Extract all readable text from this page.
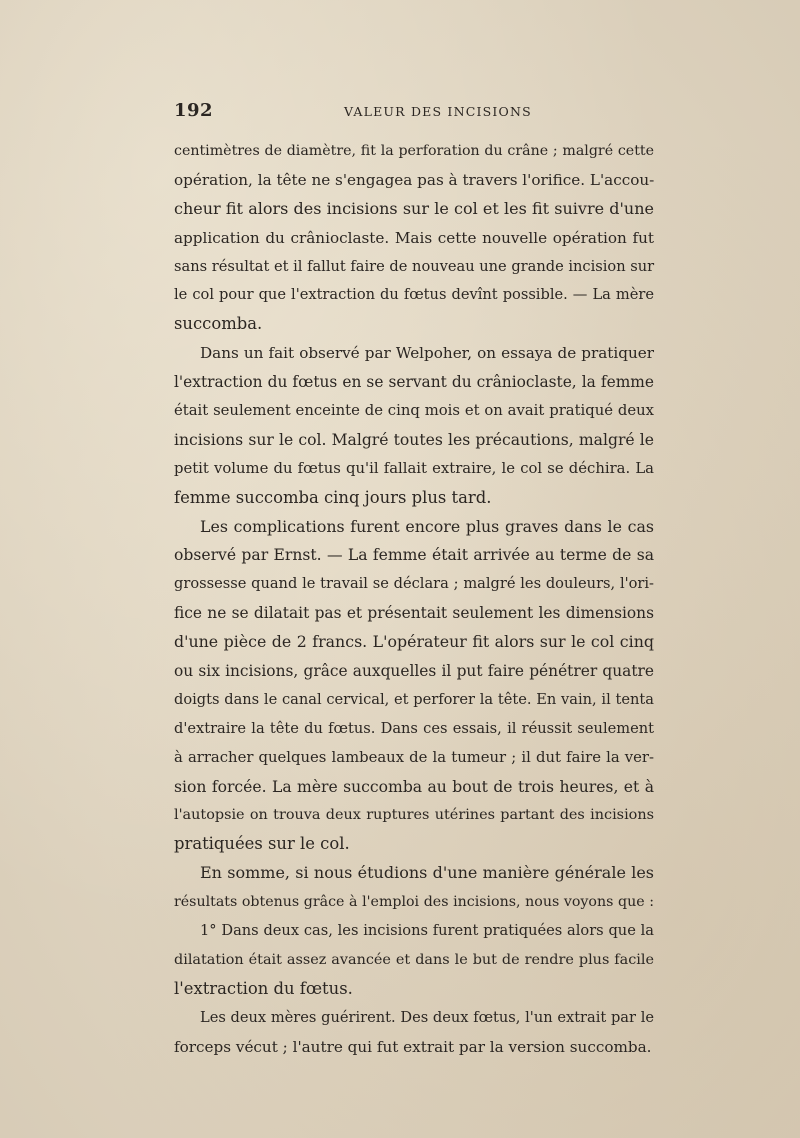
192	VALEUR DES INCISIONS
centimètres de diamètre, fit la perforation du crâne ; malgré cette
opération, la tête ne s'engagea pas à travers l'orifice. L'accou-
cheur fit alors des incisions sur le col et les fit suivre d'une
application du crânioclaste. Mais cette nouvelle opération fut
sans résultat et il fallut faire de nouveau une grande incision sur
le col pour que l'extraction du fœtus devînt possible. — La mère
succomba.
Dans un fait observé par Welpoher, on essaya de pratiquer
l'extraction du fœtus en se servant du crânioclaste, la femme
était seulement enceinte de cinq mois et on avait pratiqué deux
incisions sur le col. Malgré toutes les précautions, malgré le
petit volume du fœtus qu'il fallait extraire, le col se déchira. La
femme succomba cinq jours plus tard.
Les complications furent encore plus graves dans le cas
observé par Ernst. — La femme était arrivée au terme de sa
grossesse quand le travail se déclara ; malgré les douleurs, l'ori-
fice ne se dilatait pas et présentait seulement les dimensions
d'une pièce de 2 francs. L'opérateur fit alors sur le col cinq
ou six incisions, grâce auxquelles il put faire pénétrer quatre
doigts dans le canal cervical, et perforer la tête. En vain, il tenta
d'extraire la tête du fœtus. Dans ces essais, il réussit seulement
à arracher quelques lambeaux de la tumeur ; il dut faire la ver-
sion forcée. La mère succomba au bout de trois heures, et à
l'autopsie on trouva deux ruptures utérines partant des incisions
pratiquées sur le col.
En somme, si nous étudions d'une manière générale les
résultats obtenus grâce à l'emploi des incisions, nous voyons que :
1° Dans deux cas, les incisions furent pratiquées alors que la
dilatation était assez avancée et dans le but de rendre plus facile
l'extraction du fœtus.
Les deux mères guérirent. Des deux fœtus, l'un extrait par le
forceps vécut ; l'autre qui fut extrait par la version succomba.
